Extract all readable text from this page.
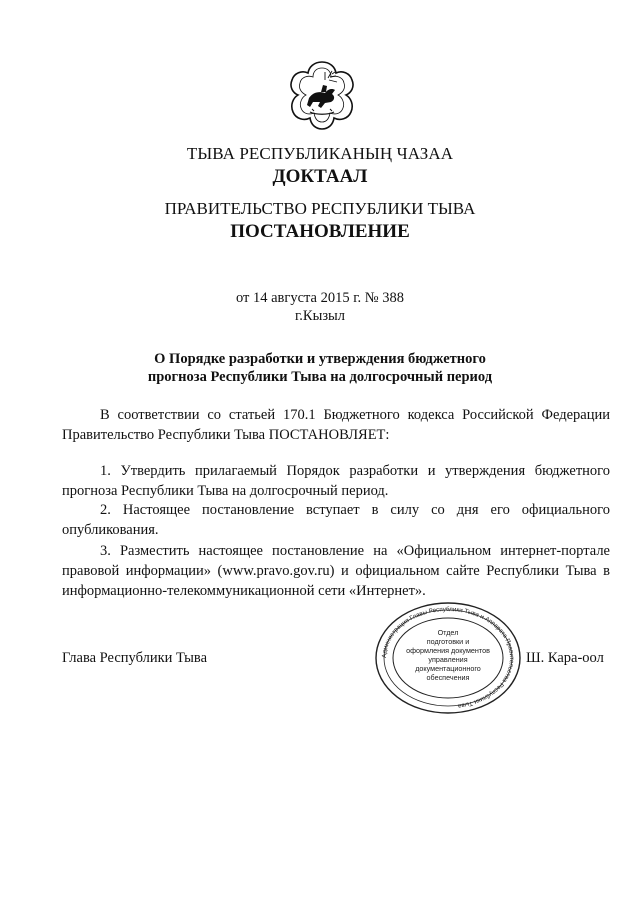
ТЫВА РЕСПУБЛИКАНЫҢ ЧАЗАА
ДОКТААЛ
ПРАВИТЕЛЬСТВО РЕСПУБЛИКИ ТЫВА
ПОСТАНОВЛЕНИЕ
от 14 августа 2015 г. № 388
г.Кызыл
О Порядке разработки и утверждения бюджетного
прогноза Республики Тыва на долгосрочный период
В соответствии со статьей 170.1 Бюджетного кодекса Российской Федерации Правительство Республики Тыва ПОСТАНОВЛЯЕТ:
1. Утвердить прилагаемый Порядок разработки и утверждения бюджетного прогноза Республики Тыва на долгосрочный период.
2. Настоящее постановление вступает в силу со дня его официального опубликования.
3. Разместить настоящее постановление на «Официальном интернет-портале правовой информации» (www.pravo.gov.ru) и официальном сайте Республики Тыва в информационно-телекоммуникационной сети «Интернет».
Администрация Главы Республики Тыва и Аппарата Правительства Республики Тыва
Отдел
подготовки и
оформления документов
управления
документационного
обеспечения
Глава Республики Тыва	Ш. Кара-оол
